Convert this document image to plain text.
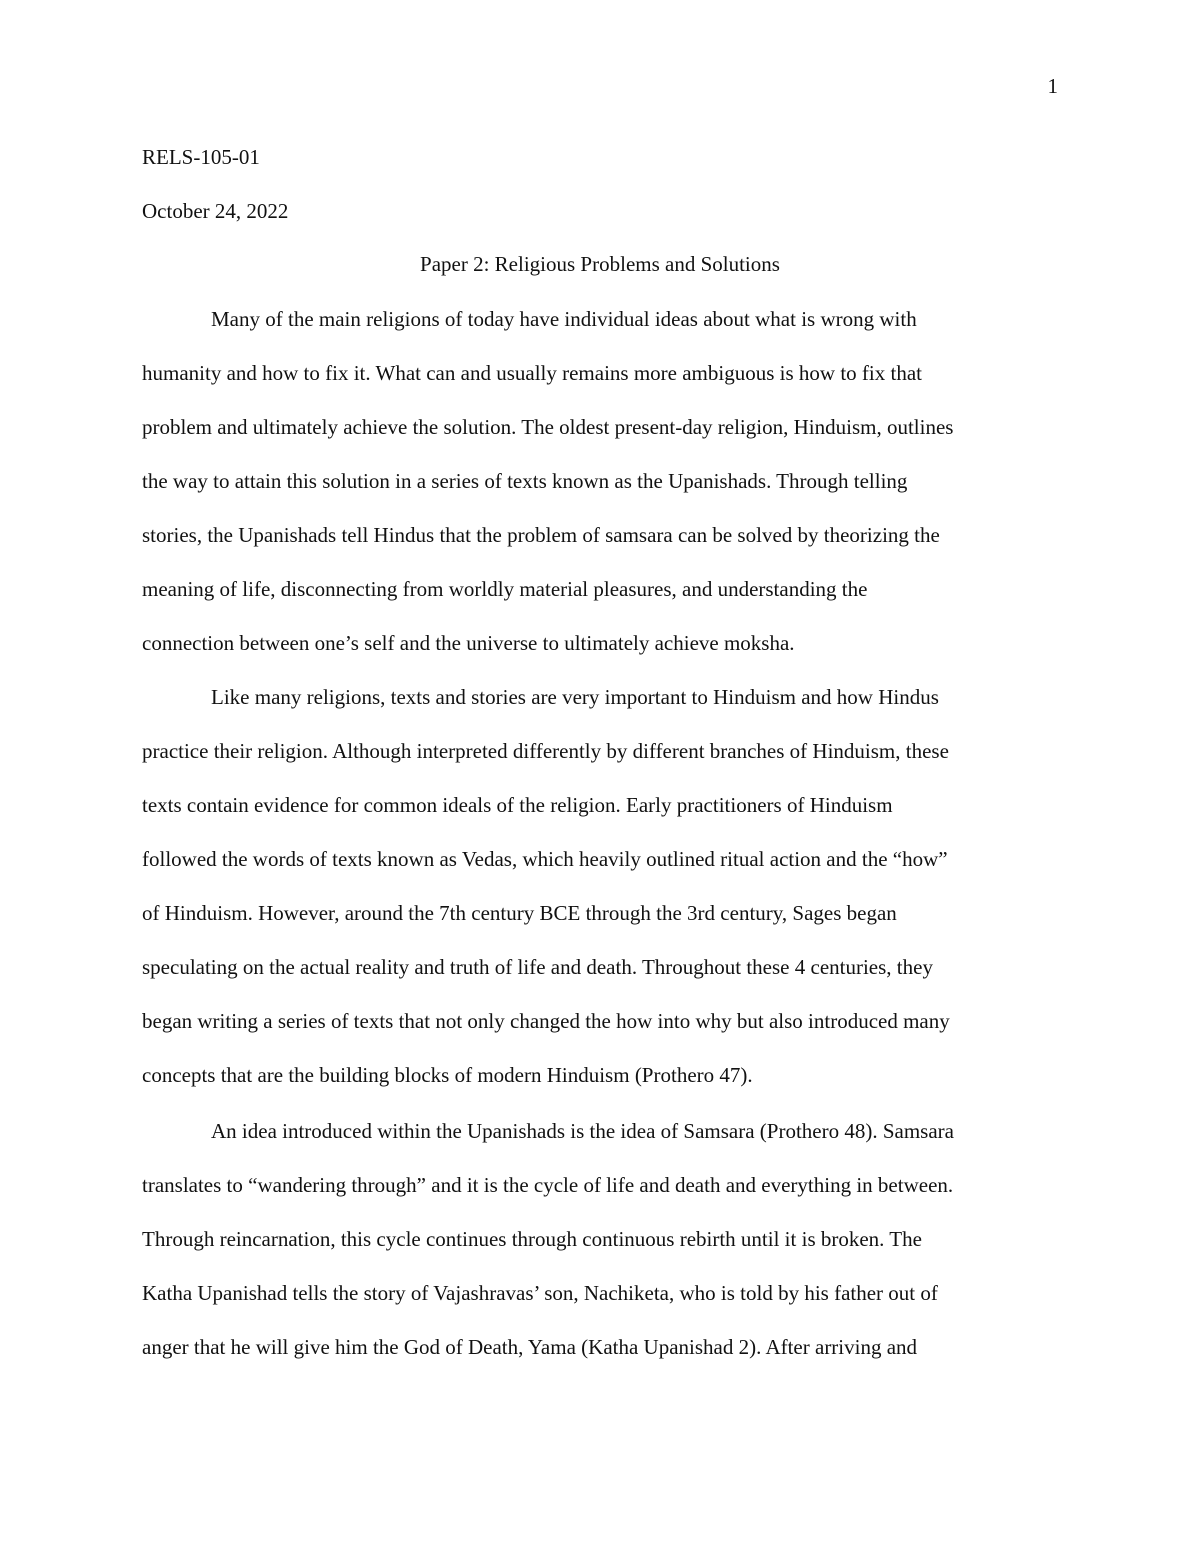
1
RELS-105-01
October 24, 2022
Paper 2: Religious Problems and Solutions
Many of the main religions of today have individual ideas about what is wrong with
humanity and how to fix it. What can and usually remains more ambiguous is how to fix that
problem and ultimately achieve the solution. The oldest present-day religion, Hinduism, outlines
the way to attain this solution in a series of texts known as the Upanishads. Through telling
stories, the Upanishads tell Hindus that the problem of samsara can be solved by theorizing the
meaning of life, disconnecting from worldly material pleasures, and understanding the
connection between one’s self and the universe to ultimately achieve moksha.
Like many religions, texts and stories are very important to Hinduism and how Hindus
practice their religion. Although interpreted differently by different branches of Hinduism, these
texts contain evidence for common ideals of the religion. Early practitioners of Hinduism
followed the words of texts known as Vedas, which heavily outlined ritual action and the “how”
of Hinduism. However, around the 7th century BCE through the 3rd century, Sages began
speculating on the actual reality and truth of life and death. Throughout these 4 centuries, they
began writing a series of texts that not only changed the how into why but also introduced many
concepts that are the building blocks of modern Hinduism (Prothero 47).
An idea introduced within the Upanishads is the idea of Samsara (Prothero 48). Samsara
translates to “wandering through” and it is the cycle of life and death and everything in between.
Through reincarnation, this cycle continues through continuous rebirth until it is broken. The
Katha Upanishad tells the story of Vajashravas’ son, Nachiketa, who is told by his father out of
anger that he will give him the God of Death, Yama (Katha Upanishad 2). After arriving and
